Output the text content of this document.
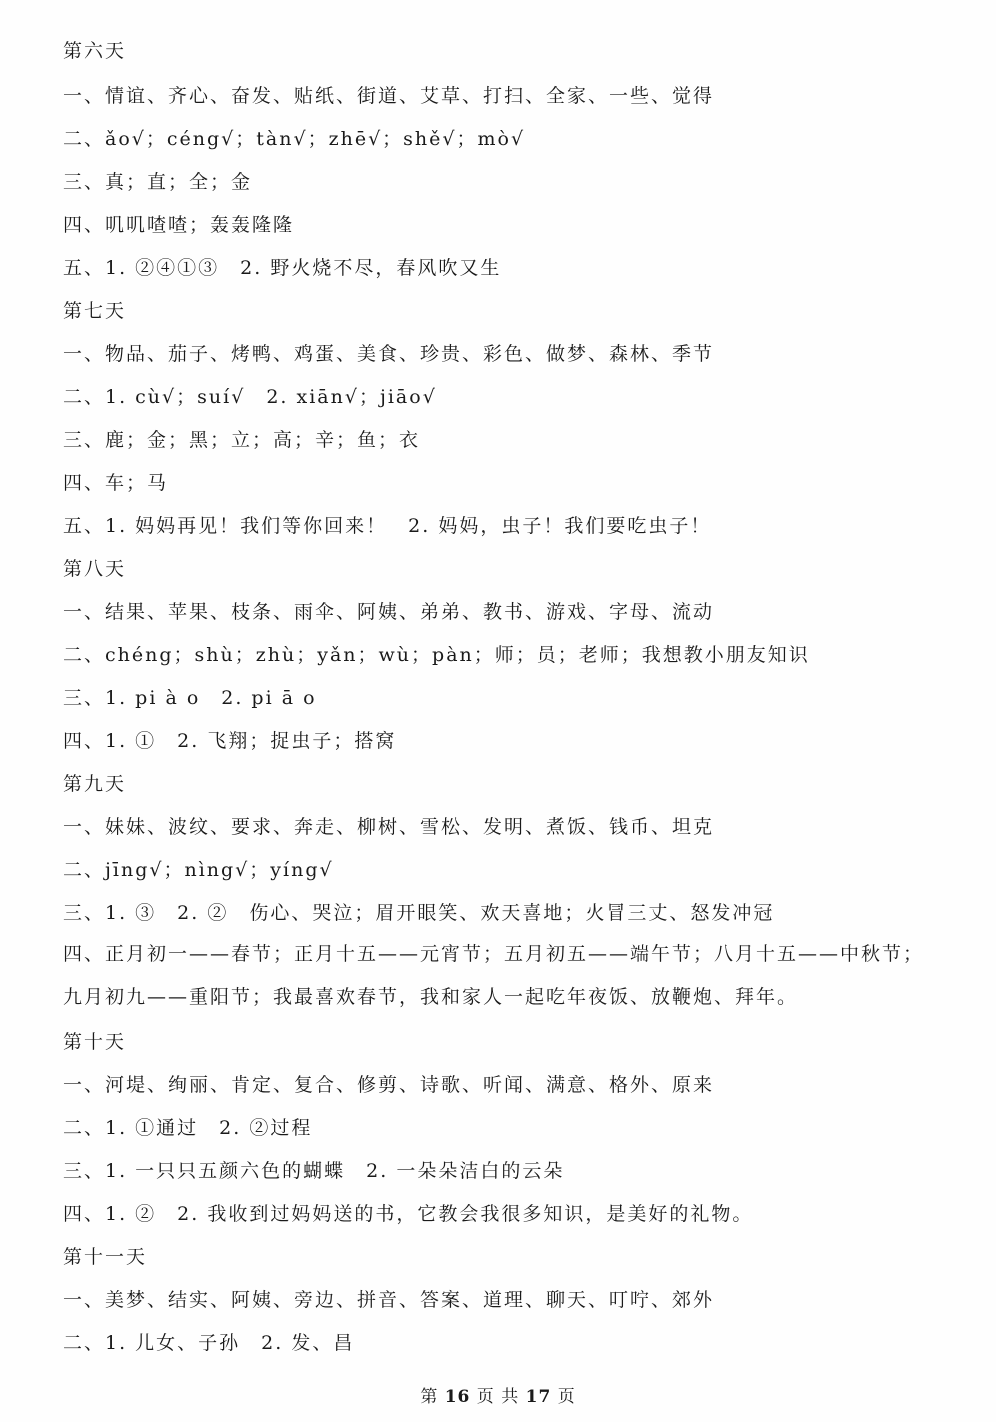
第六天
一、情谊、齐心、奋发、贴纸、街道、艾草、打扫、全家、一些、觉得
二、ǎo√；céng√；tàn√；zhē√；shě√；mò√
三、真；直；全；金
四、叽叽喳喳；轰轰隆隆
五、1. ②④①③　2. 野火烧不尽，春风吹又生
第七天
一、物品、茄子、烤鸭、鸡蛋、美食、珍贵、彩色、做梦、森林、季节
二、1. cù√；suí√　2. xiān√；jiāo√
三、鹿；金；黑；立；高；辛；鱼；衣
四、车；马
五、1. 妈妈再见！我们等你回来！　2. 妈妈，虫子！我们要吃虫子！
第八天
一、结果、苹果、枝条、雨伞、阿姨、弟弟、教书、游戏、字母、流动
二、chéng；shù；zhù；yǎn；wù；pàn；师；员；老师；我想教小朋友知识
三、1. pi à o　2. pi ā o
四、1. ①　2. 飞翔；捉虫子；搭窝
第九天
一、妹妹、波纹、要求、奔走、柳树、雪松、发明、煮饭、钱币、坦克
二、jīng√；nìng√；yíng√
三、1. ③　2. ②　伤心、哭泣；眉开眼笑、欢天喜地；火冒三丈、怒发冲冠
四、正月初一——春节；正月十五——元宵节；五月初五——端午节；八月十五——中秋节；九月初九——重阳节；我最喜欢春节，我和家人一起吃年夜饭、放鞭炮、拜年。
第十天
一、河堤、绚丽、肯定、复合、修剪、诗歌、听闻、满意、格外、原来
二、1. ①通过　2. ②过程
三、1. 一只只五颜六色的蝴蝶　2. 一朵朵洁白的云朵
四、1. ②　2. 我收到过妈妈送的书，它教会我很多知识，是美好的礼物。
第十一天
一、美梦、结实、阿姨、旁边、拼音、答案、道理、聊天、叮咛、郊外
二、1. 儿女、子孙　2. 发、昌
第 16 页 共 17 页
